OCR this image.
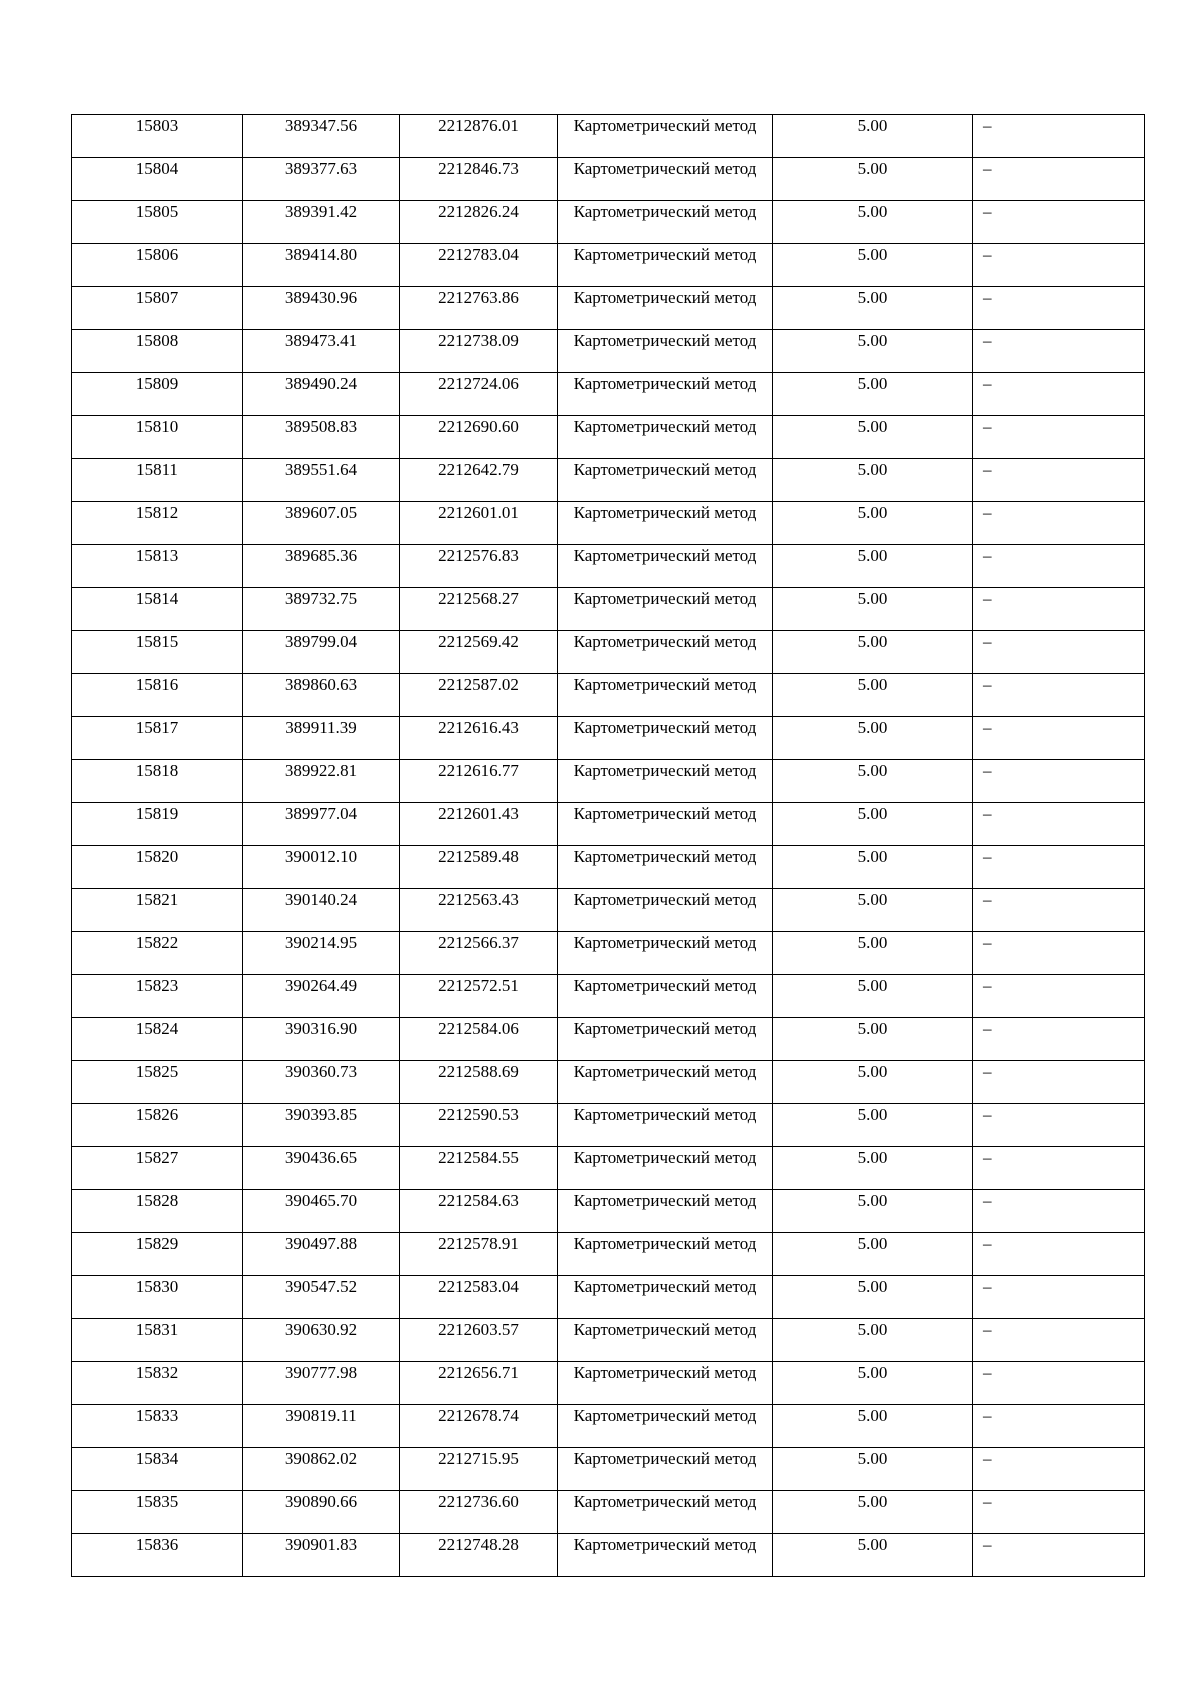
15803	389347.56	2212876.01	Картометрический метод	5.00	–
15804	389377.63	2212846.73	Картометрический метод	5.00	–
15805	389391.42	2212826.24	Картометрический метод	5.00	–
15806	389414.80	2212783.04	Картометрический метод	5.00	–
15807	389430.96	2212763.86	Картометрический метод	5.00	–
15808	389473.41	2212738.09	Картометрический метод	5.00	–
15809	389490.24	2212724.06	Картометрический метод	5.00	–
15810	389508.83	2212690.60	Картометрический метод	5.00	–
15811	389551.64	2212642.79	Картометрический метод	5.00	–
15812	389607.05	2212601.01	Картометрический метод	5.00	–
15813	389685.36	2212576.83	Картометрический метод	5.00	–
15814	389732.75	2212568.27	Картометрический метод	5.00	–
15815	389799.04	2212569.42	Картометрический метод	5.00	–
15816	389860.63	2212587.02	Картометрический метод	5.00	–
15817	389911.39	2212616.43	Картометрический метод	5.00	–
15818	389922.81	2212616.77	Картометрический метод	5.00	–
15819	389977.04	2212601.43	Картометрический метод	5.00	–
15820	390012.10	2212589.48	Картометрический метод	5.00	–
15821	390140.24	2212563.43	Картометрический метод	5.00	–
15822	390214.95	2212566.37	Картометрический метод	5.00	–
15823	390264.49	2212572.51	Картометрический метод	5.00	–
15824	390316.90	2212584.06	Картометрический метод	5.00	–
15825	390360.73	2212588.69	Картометрический метод	5.00	–
15826	390393.85	2212590.53	Картометрический метод	5.00	–
15827	390436.65	2212584.55	Картометрический метод	5.00	–
15828	390465.70	2212584.63	Картометрический метод	5.00	–
15829	390497.88	2212578.91	Картометрический метод	5.00	–
15830	390547.52	2212583.04	Картометрический метод	5.00	–
15831	390630.92	2212603.57	Картометрический метод	5.00	–
15832	390777.98	2212656.71	Картометрический метод	5.00	–
15833	390819.11	2212678.74	Картометрический метод	5.00	–
15834	390862.02	2212715.95	Картометрический метод	5.00	–
15835	390890.66	2212736.60	Картометрический метод	5.00	–
15836	390901.83	2212748.28	Картометрический метод	5.00	–
